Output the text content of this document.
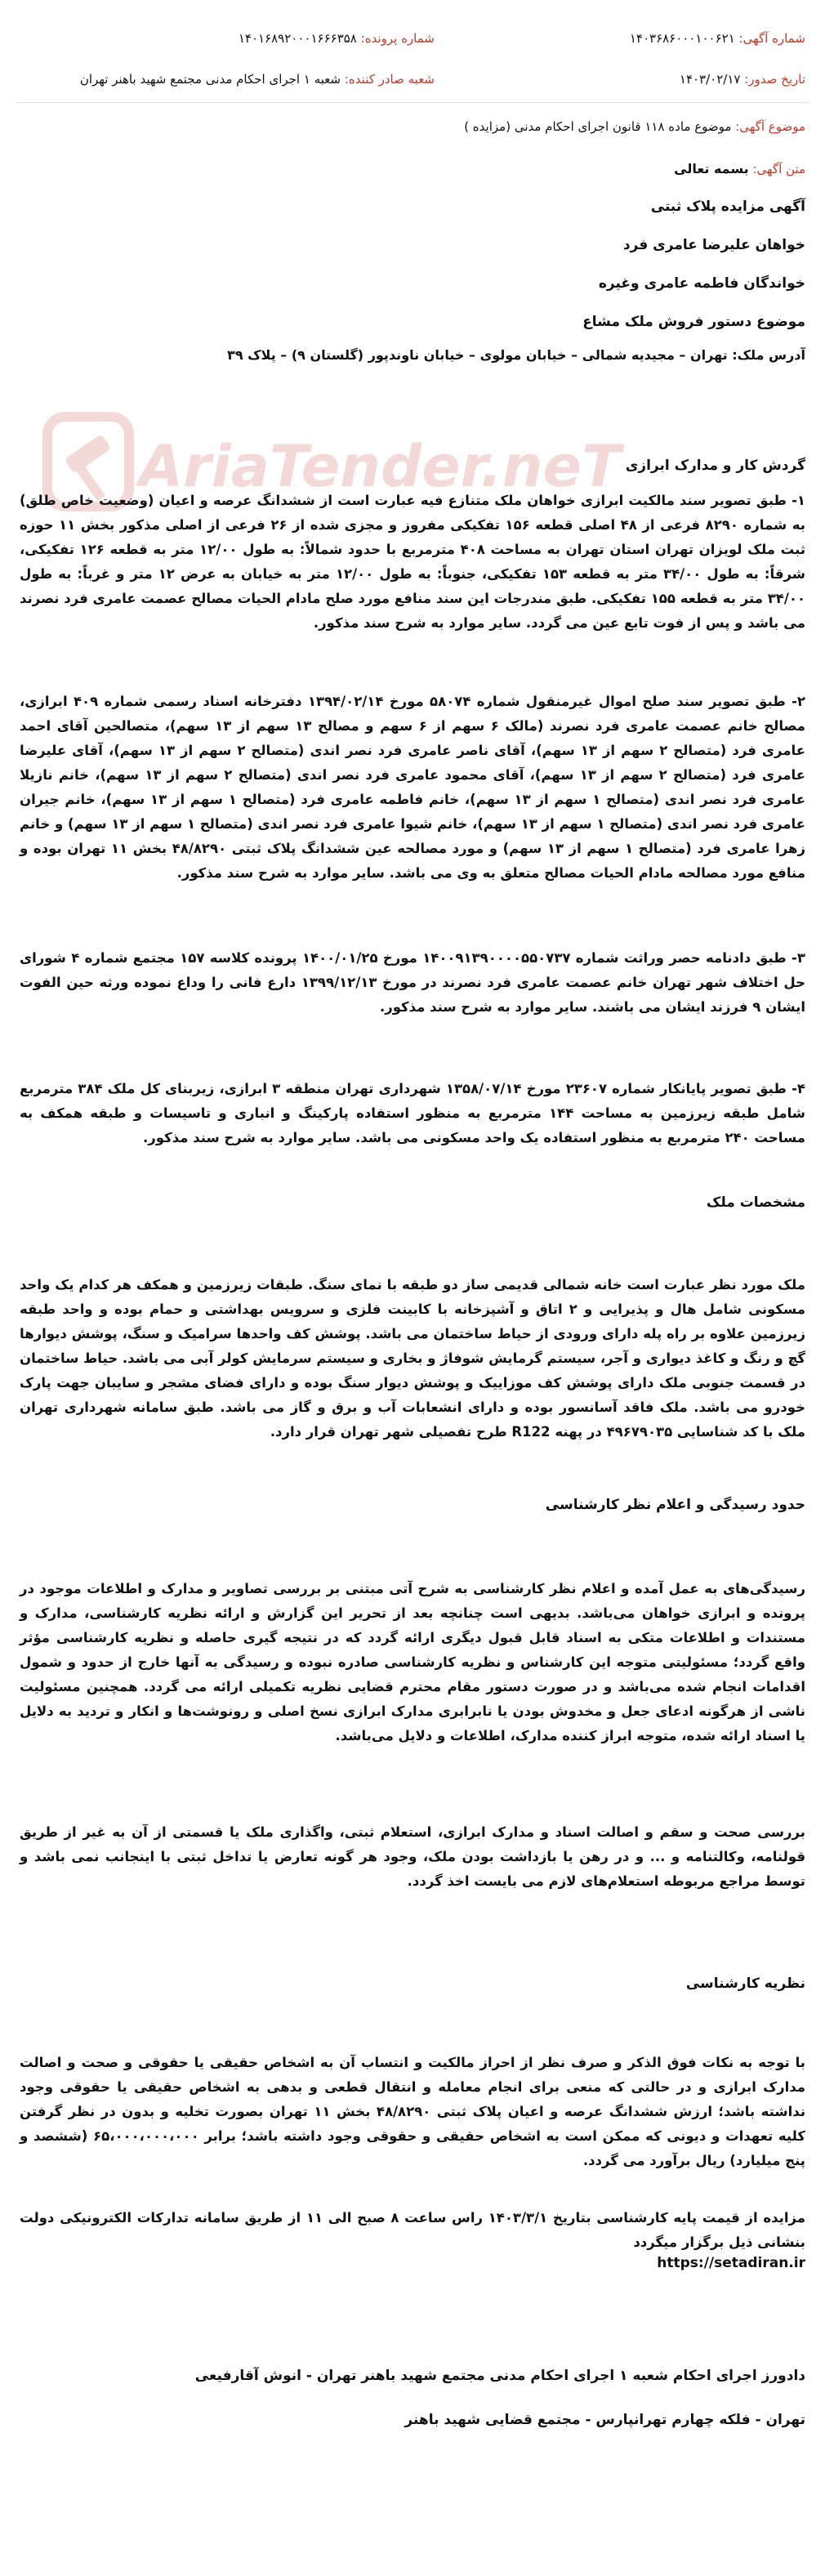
شماره آگهی: ۱۴۰۳۶۸۶۰۰۰۱۰۰۶۲۱
شماره پرونده: ۱۴۰۱۶۸۹۲۰۰۰۱۶۶۶۳۵۸
تاریخ صدور: ۱۴۰۳/۰۲/۱۷
شعبه صادر کننده: شعبه ۱ اجرای احکام مدنی مجتمع شهید باهنر تهران
موضوع آگهی: موضوع ماده ۱۱۸ قانون اجرای احکام مدنی (مزایده )
متن آگهی: بسمه تعالی
آگهی مزایده پلاک ثبتی
خواهان علیرضا عامری فرد
خواندگان فاطمه عامری وغیره
موضوع دستور فروش ملک مشاع
آدرس ملک: تهران – مجیدیه شمالی – خیابان مولوی – خیابان ناوندپور (گلستان ۹) – پلاک ۳۹
AriaTender.neT گردش کار و مدارک ابرازی
۱- طبق تصویر سند مالکیت ابرازی خواهان ملک متنازع فیه عبارت است از ششدانگ عرصه و اعیان (وضعیت خاص طلق) به شماره ۸۲۹۰ فرعی از ۴۸ اصلی قطعه ۱۵۶ تفکیکی مفروز و مجزی شده از ۲۶ فرعی از اصلی مذکور بخش ۱۱ حوزه ثبت ملک لویزان تهران استان تهران به مساحت ۴۰۸ مترمربع با حدود شمالاً: به طول ۱۲/۰۰ متر به قطعه ۱۲۶ تفکیکی، شرقاً: به طول ۳۴/۰۰ متر به قطعه ۱۵۳ تفکیکی، جنوباً: به طول ۱۲/۰۰ متر به خیابان به عرض ۱۲ متر و غرباً: به طول ۳۴/۰۰ متر به قطعه ۱۵۵ تفکیکی. طبق مندرجات این سند منافع مورد صلح مادام الحیات مصالح عصمت عامری فرد نصرند می باشد و پس از فوت تابع عین می گردد. سایر موارد به شرح سند مذکور.
۲- طبق تصویر سند صلح اموال غیرمنقول شماره ۵۸۰۷۴ مورخ ۱۳۹۴/۰۲/۱۴ دفترخانه اسناد رسمی شماره ۴۰۹ ابرازی، مصالح خانم عصمت عامری فرد نصرند (مالک ۶ سهم از ۶ سهم و مصالح ۱۳ سهم از ۱۳ سهم)، متصالحین آقای احمد عامری فرد (متصالح ۲ سهم از ۱۳ سهم)، آقای ناصر عامری فرد نصر اندی (متصالح ۲ سهم از ۱۳ سهم)، آقای علیرضا عامری فرد (متصالح ۲ سهم از ۱۳ سهم)، آقای محمود عامری فرد نصر اندی (متصالح ۲ سهم از ۱۳ سهم)، خانم نازیلا عامری فرد نصر اندی (متصالح ۱ سهم از ۱۳ سهم)، خانم فاطمه عامری فرد (متصالح ۱ سهم از ۱۳ سهم)، خانم جیران عامری فرد نصر اندی (متصالح ۱ سهم از ۱۳ سهم)، خانم شیوا عامری فرد نصر اندی (متصالح ۱ سهم از ۱۳ سهم) و خانم زهرا عامری فرد (متصالح ۱ سهم از ۱۳ سهم) و مورد مصالحه عین ششدانگ پلاک ثبتی ۴۸/۸۲۹۰ بخش ۱۱ تهران بوده و منافع مورد مصالحه مادام الحیات مصالح متعلق به وی می باشد. سایر موارد به شرح سند مذکور.
۳- طبق دادنامه حصر وراثت شماره ۱۴۰۰۹۱۳۹۰۰۰۰۵۵۰۷۳۷ مورخ ۱۴۰۰/۰۱/۲۵ پرونده کلاسه ۱۵۷ مجتمع شماره ۴ شورای حل اختلاف شهر تهران خانم عصمت عامری فرد نصرند در مورخ ۱۳۹۹/۱۲/۱۳ دارع فانی را وداع نموده ورثه حین الفوت ایشان ۹ فرزند ایشان می باشند. سایر موارد به شرح سند مذکور.
۴- طبق تصویر پایانکار شماره ۲۳۶۰۷ مورخ ۱۳۵۸/۰۷/۱۴ شهرداری تهران منطقه ۳ ابرازی، زیربنای کل ملک ۳۸۴ مترمربع شامل طبقه زیرزمین به مساحت ۱۴۴ مترمربع به منظور استفاده پارکینگ و انباری و تاسیسات و طبقه همکف به مساحت ۲۴۰ مترمربع به منظور استفاده یک واحد مسکونی می باشد. سایر موارد به شرح سند مذکور.
مشخصات ملک
ملک مورد نظر عبارت است خانه شمالی قدیمی ساز دو طبقه با نمای سنگ. طبقات زیرزمین و همکف هر کدام یک واحد مسکونی شامل هال و پذیرایی و ۲ اتاق و آشپزخانه با کابینت فلزی و سرویس بهداشتی و حمام بوده و واحد طبقه زیرزمین علاوه بر راه پله دارای ورودی از حیاط ساختمان می باشد. پوشش کف واحدها سرامیک و سنگ، پوشش دیوارها گچ و رنگ و کاغذ دیواری و آجر، سیستم گرمایش شوفاژ و بخاری و سیستم سرمایش کولر آبی می باشد. حیاط ساختمان در قسمت جنوبی ملک دارای پوشش کف موزاییک و پوشش دیوار سنگ بوده و دارای فضای مشجر و سایبان جهت پارک خودرو می باشد. ملک فاقد آسانسور بوده و دارای انشعابات آب و برق و گاز می باشد. طبق سامانه شهرداری تهران ملک با کد شناسایی ۴۹۶۷۹۰۳۵ در پهنه R122 طرح تفصیلی شهر تهران قرار دارد.
حدود رسیدگی و اعلام نظر کارشناسی
رسیدگی‌های به عمل آمده و اعلام نظر کارشناسی به شرح آتی مبتنی بر بررسی تصاویر و مدارک و اطلاعات موجود در پرونده و ابرازی خواهان می‌باشد. بدیهی است چنانچه بعد از تحریر این گزارش و ارائه نظریه کارشناسی، مدارک و مستندات و اطلاعات متکی به اسناد قابل قبول دیگری ارائه گردد که در نتیجه گیری حاصله و نظریه کارشناسی مؤثر واقع گردد؛ مسئولیتی متوجه این کارشناس و نظریه کارشناسی صادره نبوده و رسیدگی به آنها خارج از حدود و شمول اقدامات انجام شده می‌باشد و در صورت دستور مقام محترم قضایی نظریه تکمیلی ارائه می گردد. همچنین مسئولیت ناشی از هرگونه ادعای جعل و مخدوش بودن یا نابرابری مدارک ابرازی نسخ اصلی و رونوشت‌ها و انکار و تردید به دلایل یا اسناد ارائه شده، متوجه ابراز کننده مدارک، اطلاعات و دلایل می‌باشد.
بررسی صحت و سقم و اصالت اسناد و مدارک ابرازی، استعلام ثبتی، واگذاری ملک یا قسمتی از آن به غیر از طریق قولنامه، وکالتنامه و ... و در رهن یا بازداشت بودن ملک، وجود هر گونه تعارض یا تداخل ثبتی با اینجانب نمی باشد و توسط مراجع مربوطه استعلام‌های لازم می بایست اخذ گردد.
نظریه کارشناسی
با توجه به نکات فوق الذکر و صرف نظر از احراز مالکیت و انتساب آن به اشخاص حقیقی یا حقوقی و صحت و اصالت مدارک ابرازی و در حالتی که منعی برای انجام معامله و انتقال قطعی و بدهی به اشخاص حقیقی یا حقوقی وجود نداشته باشد؛ ارزش ششدانگ عرصه و اعیان پلاک ثبتی ۴۸/۸۲۹۰ بخش ۱۱ تهران بصورت تخلیه و بدون در نظر گرفتن کلیه تعهدات و دیونی که ممکن است به اشخاص حقیقی و حقوقی وجود داشته باشد؛ برابر ۶۵،۰۰۰،۰۰۰،۰۰۰ (ششصد و پنج میلیارد) ریال برآورد می گردد.
مزایده از قیمت پایه کارشناسی بتاریخ ۱۴۰۳/۳/۱ راس ساعت ۸ صبح الی ۱۱ از طریق سامانه تدارکات الکترونیکی دولت بنشانی ذیل برگزار میگردد
https://setadiran.ir
دادورز اجرای احکام شعبه ۱ اجرای احکام مدنی مجتمع شهید باهنر تهران - انوش آقارفیعی
تهران - فلکه چهارم تهرانپارس - مجتمع قضایی شهید باهنر
